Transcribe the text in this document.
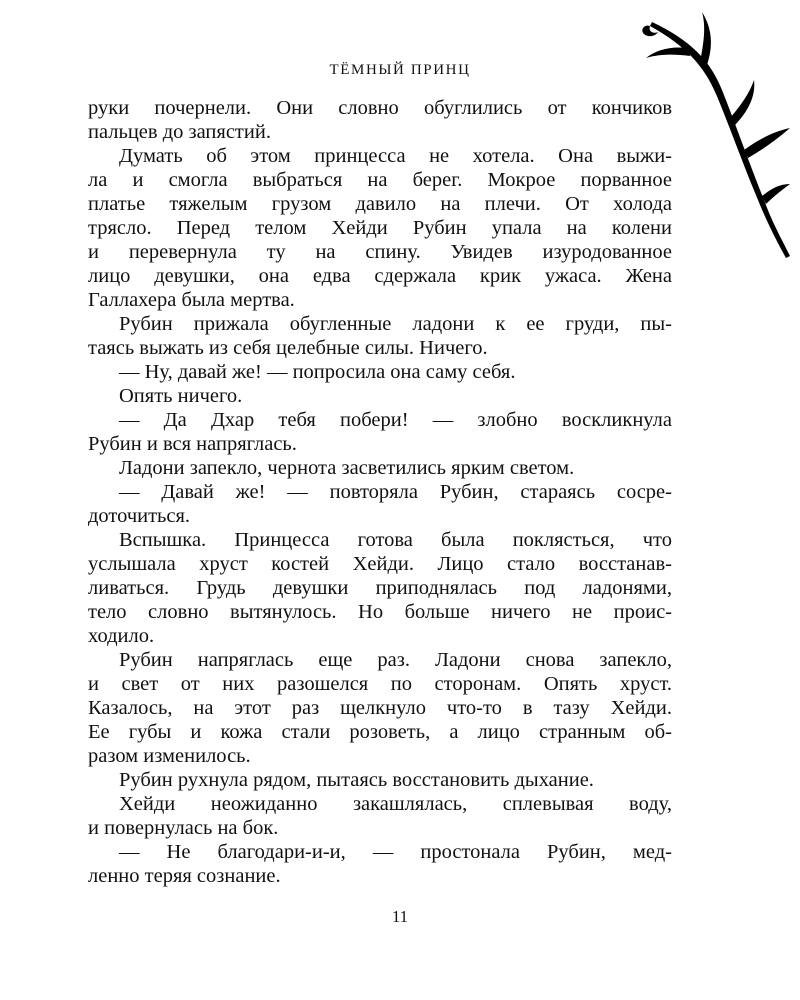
ТЁМНЫЙ ПРИНЦ
руки почернели. Они словно обуглились от кончиков
пальцев до запястий.
Думать об этом принцесса не хотела. Она выжи-
ла и смогла выбраться на берег. Мокрое порванное
платье тяжелым грузом давило на плечи. От холода
трясло. Перед телом Хейди Рубин упала на колени
и перевернула ту на спину. Увидев изуродованное
лицо девушки, она едва сдержала крик ужаса. Жена
Галлахера была мертва.
Рубин прижала обугленные ладони к ее груди, пы-
таясь выжать из себя целебные силы. Ничего.
— Ну, давай же! — попросила она саму себя.
Опять ничего.
— Да Дхар тебя побери! — злобно воскликнула
Рубин и вся напряглась.
Ладони запекло, чернота засветились ярким светом.
— Давай же! — повторяла Рубин, стараясь сосре-
доточиться.
Вспышка. Принцесса готова была поклясться, что
услышала хруст костей Хейди. Лицо стало восстанав-
ливаться. Грудь девушки приподнялась под ладонями,
тело словно вытянулось. Но больше ничего не проис-
ходило.
Рубин напряглась еще раз. Ладони снова запекло,
и свет от них разошелся по сторонам. Опять хруст.
Казалось, на этот раз щелкнуло что-то в тазу Хейди.
Ее губы и кожа стали розоветь, а лицо странным об-
разом изменилось.
Рубин рухнула рядом, пытаясь восстановить дыхание.
Хейди неожиданно закашлялась, сплевывая воду,
и повернулась на бок.
— Не благодари-и-и, — простонала Рубин, мед-
ленно теряя сознание.
11
